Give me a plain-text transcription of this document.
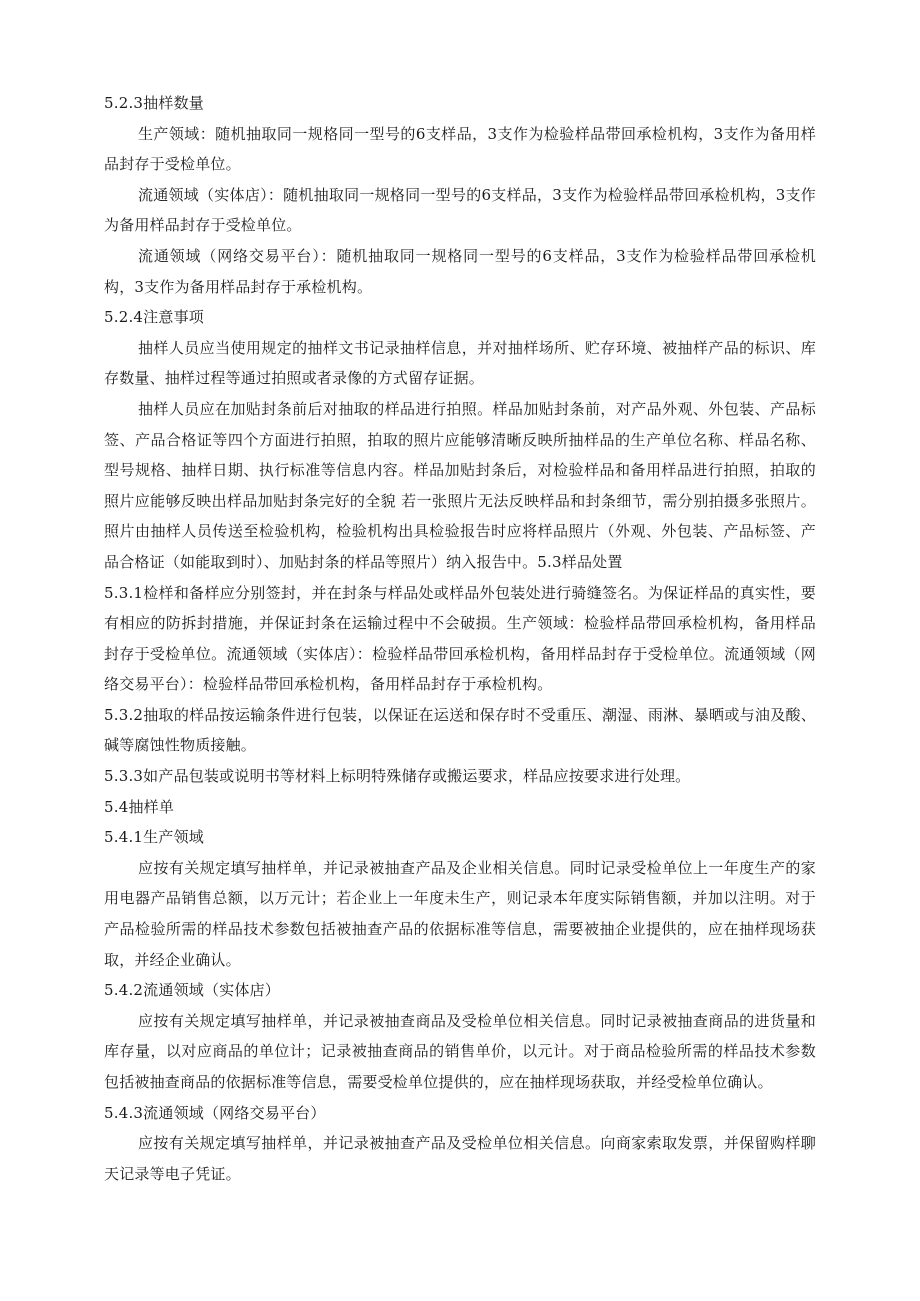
5.2.3抽样数量

生产领域：随机抽取同一规格同一型号的6支样品，3支作为检验样品带回承检机构，3支作为备用样品封存于受检单位。

流通领域（实体店）：随机抽取同一规格同一型号的6支样品，3支作为检验样品带回承检机构，3支作为备用样品封存于受检单位。

流通领域（网络交易平台）：随机抽取同一规格同一型号的6支样品，3支作为检验样品带回承检机构，3支作为备用样品封存于承检机构。

5.2.4注意事项

抽样人员应当使用规定的抽样文书记录抽样信息，并对抽样场所、贮存环境、被抽样产品的标识、库存数量、抽样过程等通过拍照或者录像的方式留存证据。

抽样人员应在加贴封条前后对抽取的样品进行拍照。样品加贴封条前，对产品外观、外包装、产品标签、产品合格证等四个方面进行拍照，拍取的照片应能够清晰反映所抽样品的生产单位名称、样品名称、型号规格、抽样日期、执行标准等信息内容。样品加贴封条后，对检验样品和备用样品进行拍照，拍取的照片应能够反映出样品加贴封条完好的全貌 若一张照片无法反映样品和封条细节，需分别拍摄多张照片。照片由抽样人员传送至检验机构，检验机构出具检验报告时应将样品照片（外观、外包装、产品标签、产品合格证（如能取到时）、加贴封条的样品等照片）纳入报告中。5.3样品处置

5.3.1检样和备样应分别签封，并在封条与样品处或样品外包装处进行骑缝签名。为保证样品的真实性，要有相应的防拆封措施，并保证封条在运输过程中不会破损。生产领域：检验样品带回承检机构，备用样品封存于受检单位。流通领域（实体店）：检验样品带回承检机构，备用样品封存于受检单位。流通领域（网络交易平台）：检验样品带回承检机构，备用样品封存于承检机构。

5.3.2抽取的样品按运输条件进行包装，以保证在运送和保存时不受重压、潮湿、雨淋、暴晒或与油及酸、碱等腐蚀性物质接触。

5.3.3如产品包装或说明书等材料上标明特殊储存或搬运要求，样品应按要求进行处理。

5.4抽样单

5.4.1生产领域

应按有关规定填写抽样单，并记录被抽查产品及企业相关信息。同时记录受检单位上一年度生产的家用电器产品销售总额，以万元计；若企业上一年度未生产，则记录本年度实际销售额，并加以注明。对于产品检验所需的样品技术参数包括被抽查产品的依据标准等信息，需要被抽企业提供的，应在抽样现场获取，并经企业确认。

5.4.2流通领域（实体店）

应按有关规定填写抽样单，并记录被抽查商品及受检单位相关信息。同时记录被抽查商品的进货量和库存量，以对应商品的单位计；记录被抽查商品的销售单价，以元计。对于商品检验所需的样品技术参数包括被抽查商品的依据标准等信息，需要受检单位提供的，应在抽样现场获取，并经受检单位确认。

5.4.3流通领域（网络交易平台）

应按有关规定填写抽样单，并记录被抽查产品及受检单位相关信息。向商家索取发票，并保留购样聊天记录等电子凭证。
